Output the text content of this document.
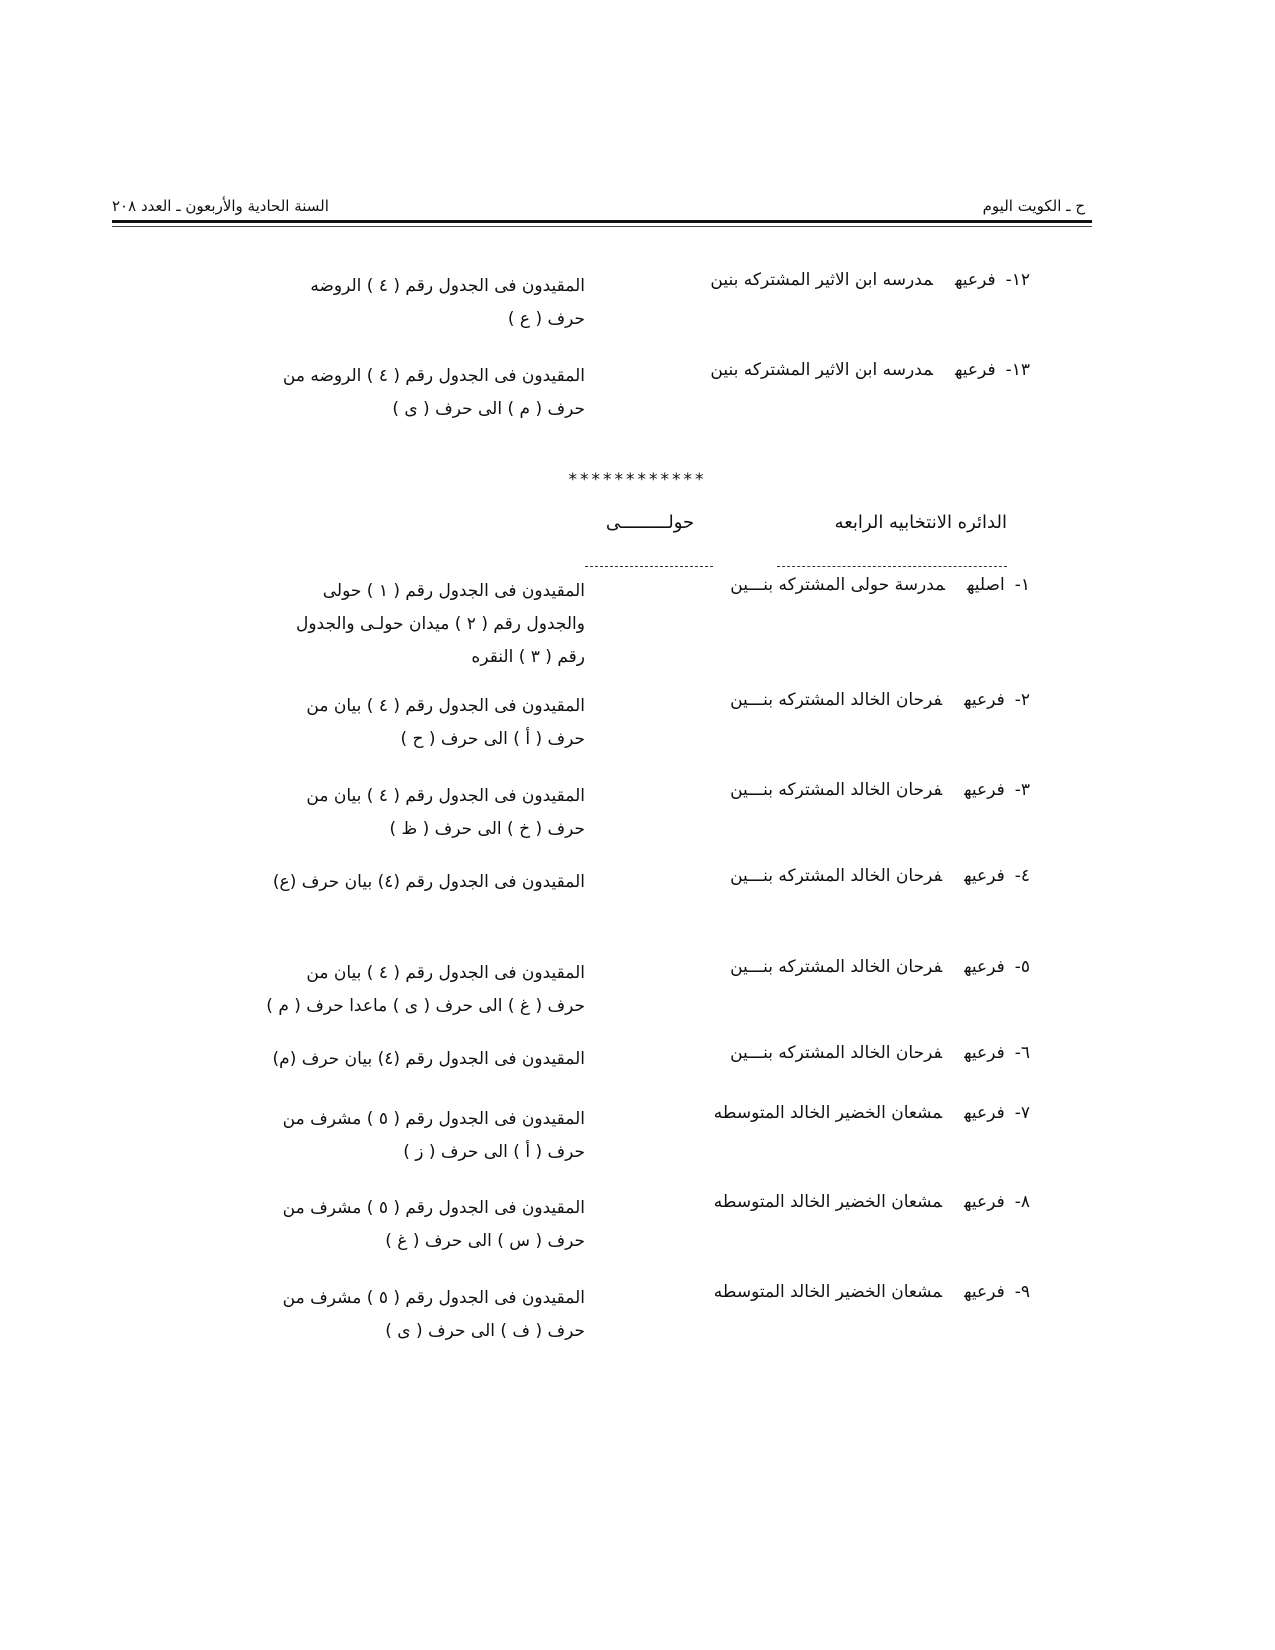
ح ـ الكويت اليوم
السنة الحادية والأربعون ـ العدد ٢٠٨
١٢-فرعيهمدرسه ابن الاثير المشتركه بنين
المقيدون فى الجدول رقم ( ٤ ) الروضه
حرف ( ع )
١٣-فرعيهمدرسه ابن الاثير المشتركه بنين
المقيدون فى الجدول رقم ( ٤ ) الروضه من
حرف ( م ) الى حرف ( ى )
************
الدائره الانتخابيه الرابعه
حولـــــــــى
١-اصليهمدرسة حولى المشتركه بنـــين
المقيدون فى الجدول رقم ( ١ ) حولى
والجدول رقم ( ٢ ) ميدان حولـى والجدول
رقم ( ٣ ) النقره
٢-فرعيهفرحان الخالد المشتركه بنـــين
المقيدون فى الجدول رقم ( ٤ ) بيان من
حرف ( أ ) الى حرف ( ح )
٣-فرعيهفرحان الخالد المشتركه بنـــين
المقيدون فى الجدول رقم ( ٤ ) بيان من
حرف ( خ ) الى حرف ( ظ )
٤-فرعيهفرحان الخالد المشتركه بنـــين
المقيدون فى الجدول رقم (٤) بيان حرف (ع)
٥-فرعيهفرحان الخالد المشتركه بنـــين
المقيدون فى الجدول رقم ( ٤ ) بيان من
حرف ( غ ) الى حرف ( ى ) ماعدا حرف ( م )
٦-فرعيهفرحان الخالد المشتركه بنـــين
المقيدون فى الجدول رقم (٤) بيان حرف (م)
٧-فرعيهمشعان الخضير الخالد المتوسطه
المقيدون فى الجدول رقم ( ٥ ) مشرف من
حرف ( أ ) الى حرف ( ز )
٨-فرعيهمشعان الخضير الخالد المتوسطه
المقيدون فى الجدول رقم ( ٥ ) مشرف من
حرف ( س ) الى حرف ( غ )
٩-فرعيهمشعان الخضير الخالد المتوسطه
المقيدون فى الجدول رقم ( ٥ ) مشرف من
حرف ( ف ) الى حرف ( ى )
